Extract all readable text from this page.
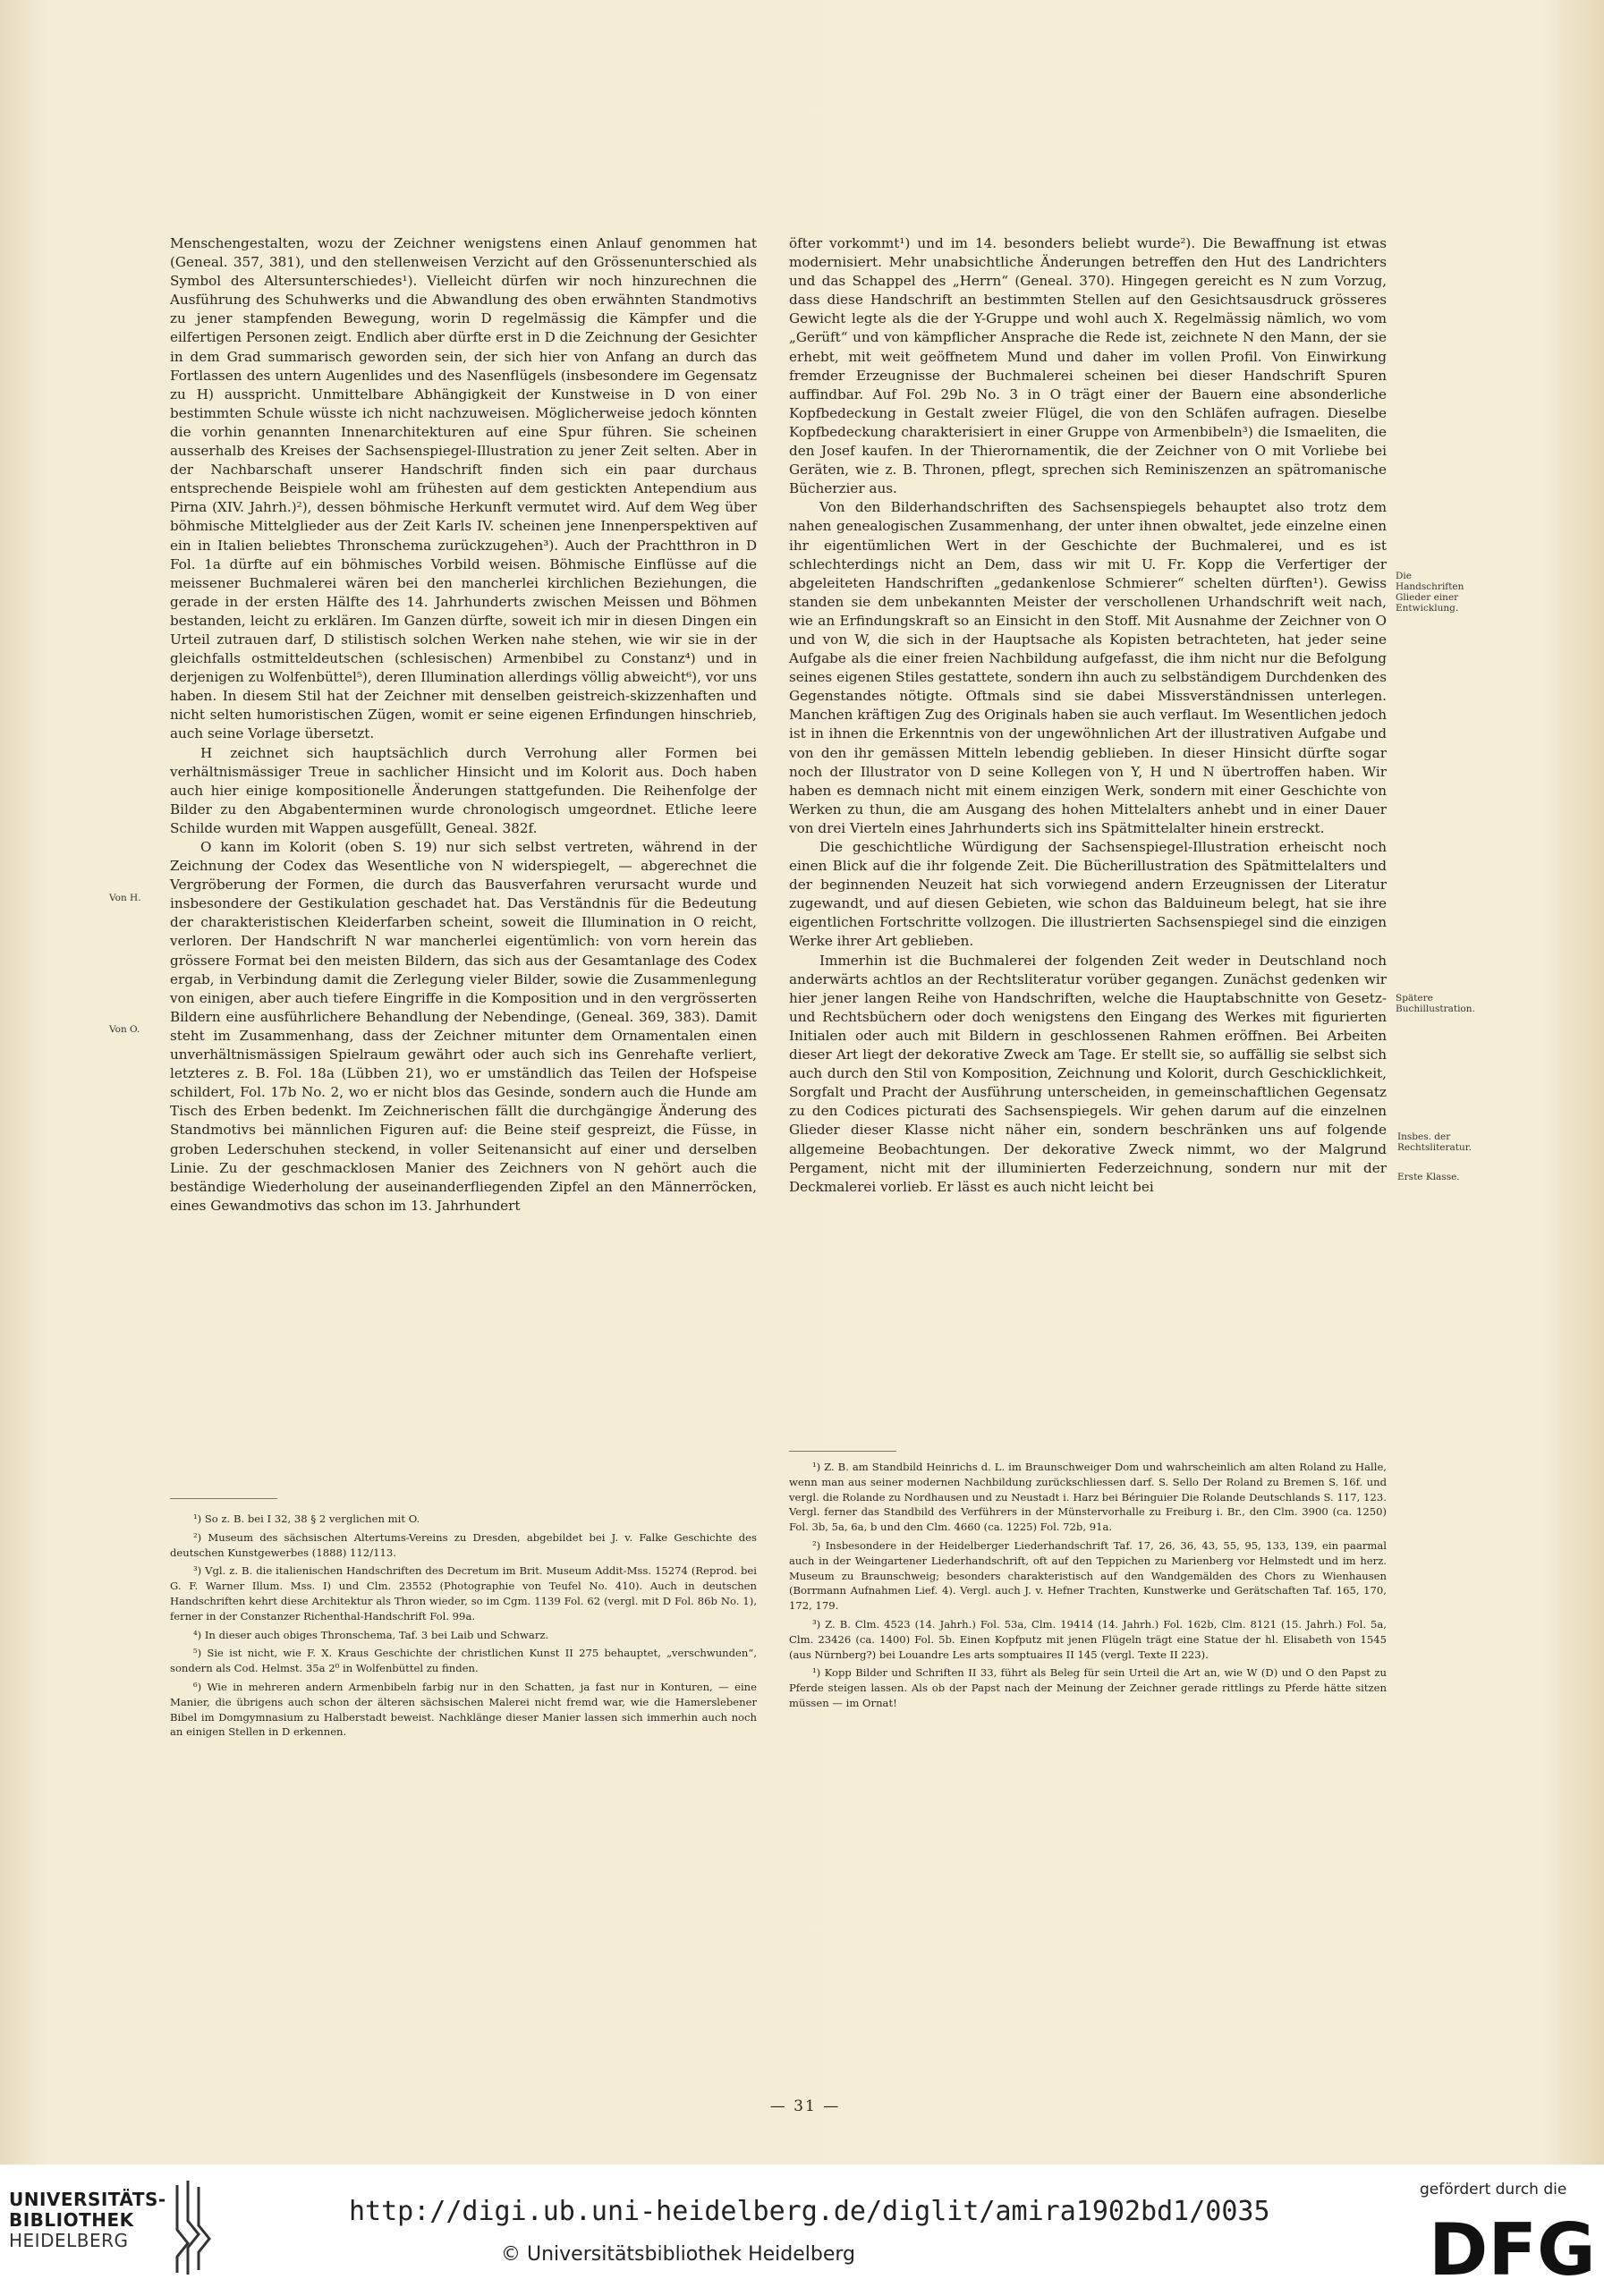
Menschengestalten, wozu der Zeichner wenigstens einen Anlauf genommen hat (Geneal. 357, 381), und den stellenweisen Verzicht auf den Grössenunterschied als Symbol des Altersunterschiedes¹). Vielleicht dürfen wir noch hinzurechnen die Ausführung des Schuhwerks und die Abwandlung des oben erwähnten Standmotivs zu jener stampfenden Bewegung, worin D regelmässig die Kämpfer und die eilfertigen Personen zeigt. Endlich aber dürfte erst in D die Zeichnung der Gesichter in dem Grad summarisch geworden sein, der sich hier von Anfang an durch das Fortlassen des untern Augenlides und des Nasenflügels (insbesondere im Gegensatz zu H) ausspricht. Unmittelbare Abhängigkeit der Kunstweise in D von einer bestimmten Schule wüsste ich nicht nachzuweisen. Möglicherweise jedoch könnten die vorhin genannten Innenarchitekturen auf eine Spur führen. Sie scheinen ausserhalb des Kreises der Sachsenspiegel-Illustration zu jener Zeit selten. Aber in der Nachbarschaft unserer Handschrift finden sich ein paar durchaus entsprechende Beispiele wohl am frühesten auf dem gestickten Antependium aus Pirna (XIV. Jahrh.)²), dessen böhmische Herkunft vermutet wird. Auf dem Weg über böhmische Mittelglieder aus der Zeit Karls IV. scheinen jene Innenperspektiven auf ein in Italien beliebtes Thronschema zurückzugehen³). Auch der Prachtthron in D Fol. 1a dürfte auf ein böhmisches Vorbild weisen. Böhmische Einflüsse auf die meissener Buchmalerei wären bei den mancherlei kirchlichen Beziehungen, die gerade in der ersten Hälfte des 14. Jahrhunderts zwischen Meissen und Böhmen bestanden, leicht zu erklären. Im Ganzen dürfte, soweit ich mir in diesen Dingen ein Urteil zutrauen darf, D stilistisch solchen Werken nahe stehen, wie wir sie in der gleichfalls ostmitteldeutschen (schlesischen) Armenbibel zu Constanz⁴) und in derjenigen zu Wolfenbüttel⁵), deren Illumination allerdings völlig abweicht⁶), vor uns haben. In diesem Stil hat der Zeichner mit denselben geistreich-skizzenhaften und nicht selten humoristischen Zügen, womit er seine eigenen Erfindungen hinschrieb, auch seine Vorlage übersetzt.

H zeichnet sich hauptsächlich durch Verrohung aller Formen bei verhältnismässiger Treue in sachlicher Hinsicht und im Kolorit aus. Doch haben auch hier einige kompositionelle Änderungen stattgefunden. Die Reihenfolge der Bilder zu den Abgabenterminen wurde chronologisch umgeordnet. Etliche leere Schilde wurden mit Wappen ausgefüllt, Geneal. 382f.

O kann im Kolorit (oben S. 19) nur sich selbst vertreten, während in der Zeichnung der Codex das Wesentliche von N widerspiegelt, — abgerechnet die Vergröberung der Formen, die durch das Bausverfahren verursacht wurde und insbesondere der Gestikulation geschadet hat. Das Verständnis für die Bedeutung der charakteristischen Kleiderfarben scheint, soweit die Illumination in O reicht, verloren. Der Handschrift N war mancherlei eigentümlich: von vorn herein das grössere Format bei den meisten Bildern, das sich aus der Gesamtanlage des Codex ergab, in Verbindung damit die Zerlegung vieler Bilder, sowie die Zusammenlegung von einigen, aber auch tiefere Eingriffe in die Komposition und in den vergrösserten Bildern eine ausführlichere Behandlung der Nebendinge, (Geneal. 369, 383). Damit steht im Zusammenhang, dass der Zeichner mitunter dem Ornamentalen einen unverhältnismässigen Spielraum gewährt oder auch sich ins Genrehafte verliert, letzteres z. B. Fol. 18a (Lübben 21), wo er umständlich das Teilen der Hofspeise schildert, Fol. 17b No. 2, wo er nicht blos das Gesinde, sondern auch die Hunde am Tisch des Erben bedenkt. Im Zeichnerischen fällt die durchgängige Änderung des Standmotivs bei männlichen Figuren auf: die Beine steif gespreizt, die Füsse, in groben Lederschuhen steckend, in voller Seitenansicht auf einer und derselben Linie. Zu der geschmacklosen Manier des Zeichners von N gehört auch die beständige Wiederholung der auseinanderfliegenden Zipfel an den Männerröcken, eines Gewandmotivs das schon im 13. Jahrhundert

öfter vorkommt¹) und im 14. besonders beliebt wurde²). Die Bewaffnung ist etwas modernisiert. Mehr unabsichtliche Änderungen betreffen den Hut des Landrichters und das Schappel des „Herrn“ (Geneal. 370). Hingegen gereicht es N zum Vorzug, dass diese Handschrift an bestimmten Stellen auf den Gesichtsausdruck grösseres Gewicht legte als die der Y-Gruppe und wohl auch X. Regelmässig nämlich, wo vom „Gerüft“ und von kämpflicher Ansprache die Rede ist, zeichnete N den Mann, der sie erhebt, mit weit geöffnetem Mund und daher im vollen Profil. Von Einwirkung fremder Erzeugnisse der Buchmalerei scheinen bei dieser Handschrift Spuren auffindbar. Auf Fol. 29b No. 3 in O trägt einer der Bauern eine absonderliche Kopfbedeckung in Gestalt zweier Flügel, die von den Schläfen aufragen. Dieselbe Kopfbedeckung charakterisiert in einer Gruppe von Armenbibeln³) die Ismaeliten, die den Josef kaufen. In der Thierornamentik, die der Zeichner von O mit Vorliebe bei Geräten, wie z. B. Thronen, pflegt, sprechen sich Reminiszenzen an spätromanische Bücherzier aus.

Von den Bilderhandschriften des Sachsenspiegels behauptet also trotz dem nahen genealogischen Zusammenhang, der unter ihnen obwaltet, jede einzelne einen ihr eigentümlichen Wert in der Geschichte der Buchmalerei, und es ist schlechterdings nicht an Dem, dass wir mit U. Fr. Kopp die Verfertiger der abgeleiteten Handschriften „gedankenlose Schmierer“ schelten dürften¹). Gewiss standen sie dem unbekannten Meister der verschollenen Urhandschrift weit nach, wie an Erfindungskraft so an Einsicht in den Stoff. Mit Ausnahme der Zeichner von O und von W, die sich in der Hauptsache als Kopisten betrachteten, hat jeder seine Aufgabe als die einer freien Nachbildung aufgefasst, die ihm nicht nur die Befolgung seines eigenen Stiles gestattete, sondern ihn auch zu selbständigem Durchdenken des Gegenstandes nötigte. Oftmals sind sie dabei Missverständnissen unterlegen. Manchen kräftigen Zug des Originals haben sie auch verflaut. Im Wesentlichen jedoch ist in ihnen die Erkenntnis von der ungewöhnlichen Art der illustrativen Aufgabe und von den ihr gemässen Mitteln lebendig geblieben. In dieser Hinsicht dürfte sogar noch der Illustrator von D seine Kollegen von Y, H und N übertroffen haben. Wir haben es demnach nicht mit einem einzigen Werk, sondern mit einer Geschichte von Werken zu thun, die am Ausgang des hohen Mittelalters anhebt und in einer Dauer von drei Vierteln eines Jahrhunderts sich ins Spätmittelalter hinein erstreckt.

Die geschichtliche Würdigung der Sachsenspiegel-Illustration erheischt noch einen Blick auf die ihr folgende Zeit. Die Bücherillustration des Spätmittelalters und der beginnenden Neuzeit hat sich vorwiegend andern Erzeugnissen der Literatur zugewandt, und auf diesen Gebieten, wie schon das Balduineum belegt, hat sie ihre eigentlichen Fortschritte vollzogen. Die illustrierten Sachsenspiegel sind die einzigen Werke ihrer Art geblieben.

Immerhin ist die Buchmalerei der folgenden Zeit weder in Deutschland noch anderwärts achtlos an der Rechtsliteratur vorüber gegangen. Zunächst gedenken wir hier jener langen Reihe von Handschriften, welche die Hauptabschnitte von Gesetz- und Rechtsbüchern oder doch wenigstens den Eingang des Werkes mit figurierten Initialen oder auch mit Bildern in geschlossenen Rahmen eröffnen. Bei Arbeiten dieser Art liegt der dekorative Zweck am Tage. Er stellt sie, so auffällig sie selbst sich auch durch den Stil von Komposition, Zeichnung und Kolorit, durch Geschicklichkeit, Sorgfalt und Pracht der Ausführung unterscheiden, in gemeinschaftlichen Gegensatz zu den Codices picturati des Sachsenspiegels. Wir gehen darum auf die einzelnen Glieder dieser Klasse nicht näher ein, sondern beschränken uns auf folgende allgemeine Beobachtungen. Der dekorative Zweck nimmt, wo der Malgrund Pergament, nicht mit der illuminierten Federzeichnung, sondern nur mit der Deckmalerei vorlieb. Er lässt es auch nicht leicht bei

Von H.
Von O.
Die Handschriften Glieder einer Entwicklung.
Spätere Buchillustration.
Insbes. der Rechtsliteratur.
Erste Klasse.

¹) So z. B. bei I 32, 38 § 2 verglichen mit O.

²) Museum des sächsischen Altertums-Vereins zu Dresden, abgebildet bei J. v. Falke Geschichte des deutschen Kunstgewerbes (1888) 112/113.

³) Vgl. z. B. die italienischen Handschriften des Decretum im Brit. Museum Addit-Mss. 15274 (Reprod. bei G. F. Warner Illum. Mss. I) und Clm. 23552 (Photographie von Teufel No. 410). Auch in deutschen Handschriften kehrt diese Architektur als Thron wieder, so im Cgm. 1139 Fol. 62 (vergl. mit D Fol. 86b No. 1), ferner in der Constanzer Richenthal-Handschrift Fol. 99a.

⁴) In dieser auch obiges Thronschema, Taf. 3 bei Laib und Schwarz.

⁵) Sie ist nicht, wie F. X. Kraus Geschichte der christlichen Kunst II 275 behauptet, „verschwunden“, sondern als Cod. Helmst. 35a 2⁰ in Wolfenbüttel zu finden.

⁶) Wie in mehreren andern Armenbibeln farbig nur in den Schatten, ja fast nur in Konturen, — eine Manier, die übrigens auch schon der älteren sächsischen Malerei nicht fremd war, wie die Hamerslebener Bibel im Domgymnasium zu Halberstadt beweist. Nachklänge dieser Manier lassen sich immerhin auch noch an einigen Stellen in D erkennen.

¹) Z. B. am Standbild Heinrichs d. L. im Braunschweiger Dom und wahrscheinlich am alten Roland zu Halle, wenn man aus seiner modernen Nachbildung zurückschliessen darf. S. Sello Der Roland zu Bremen S. 16f. und vergl. die Rolande zu Nordhausen und zu Neustadt i. Harz bei Béringuier Die Rolande Deutschlands S. 117, 123. Vergl. ferner das Standbild des Verführers in der Münstervorhalle zu Freiburg i. Br., den Clm. 3900 (ca. 1250) Fol. 3b, 5a, 6a, b und den Clm. 4660 (ca. 1225) Fol. 72b, 91a.

²) Insbesondere in der Heidelberger Liederhandschrift Taf. 17, 26, 36, 43, 55, 95, 133, 139, ein paarmal auch in der Weingartener Liederhandschrift, oft auf den Teppichen zu Marienberg vor Helmstedt und im herz. Museum zu Braunschweig; besonders charakteristisch auf den Wandgemälden des Chors zu Wienhausen (Borrmann Aufnahmen Lief. 4). Vergl. auch J. v. Hefner Trachten, Kunstwerke und Gerätschaften Taf. 165, 170, 172, 179.

³) Z. B. Clm. 4523 (14. Jahrh.) Fol. 53a, Clm. 19414 (14. Jahrh.) Fol. 162b, Clm. 8121 (15. Jahrh.) Fol. 5a, Clm. 23426 (ca. 1400) Fol. 5b. Einen Kopfputz mit jenen Flügeln trägt eine Statue der hl. Elisabeth von 1545 (aus Nürnberg?) bei Louandre Les arts somptuaires II 145 (vergl. Texte II 223).

¹) Kopp Bilder und Schriften II 33, führt als Beleg für sein Urteil die Art an, wie W (D) und O den Papst zu Pferde steigen lassen. Als ob der Papst nach der Meinung der Zeichner gerade rittlings zu Pferde hätte sitzen müssen — im Ornat!

— 31 —
UNIVERSITÄTS-
BIBLIOTHEK
HEIDELBERG
http://digi.ub.uni-heidelberg.de/diglit/amira1902bd1/0035
© Universitätsbibliothek Heidelberg
gefördert durch die
DFG
